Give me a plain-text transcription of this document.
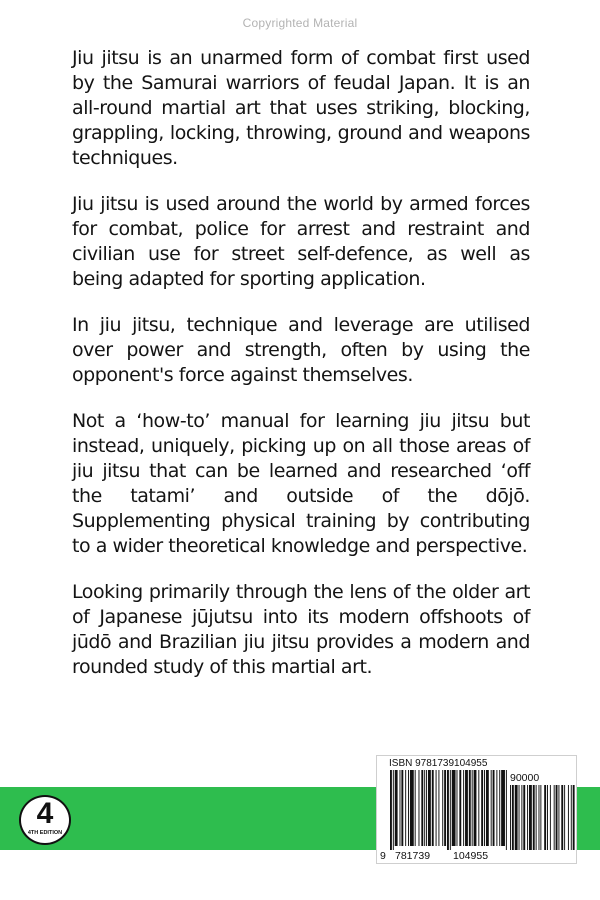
Copyrighted Material

Jiu jitsu is an unarmed form of combat first used by the Samurai warriors of feudal Japan. It is an all-round martial art that uses striking, blocking, grappling, locking, throwing, ground and weapons techniques.

Jiu jitsu is used around the world by armed forces for combat, police for arrest and restraint and civilian use for street self-defence, as well as being adapted for sporting application.

In jiu jitsu, technique and leverage are utilised over power and strength, often by using the opponent's force against themselves.

Not a ‘how-to’ manual for learning jiu jitsu but instead, uniquely, picking up on all those areas of jiu jitsu that can be learned and researched ‘off the tatami’ and outside of the dōjō. Supplementing physical training by contributing to a wider theoretical knowledge and perspective.

Looking primarily through the lens of the older art of Japanese jūjutsu into its modern offshoots of jūdō and Brazilian jiu jitsu provides a modern and rounded study of this martial art.

4
4TH EDITION
ISBN 9781739104955
90000
9 781739	104955
